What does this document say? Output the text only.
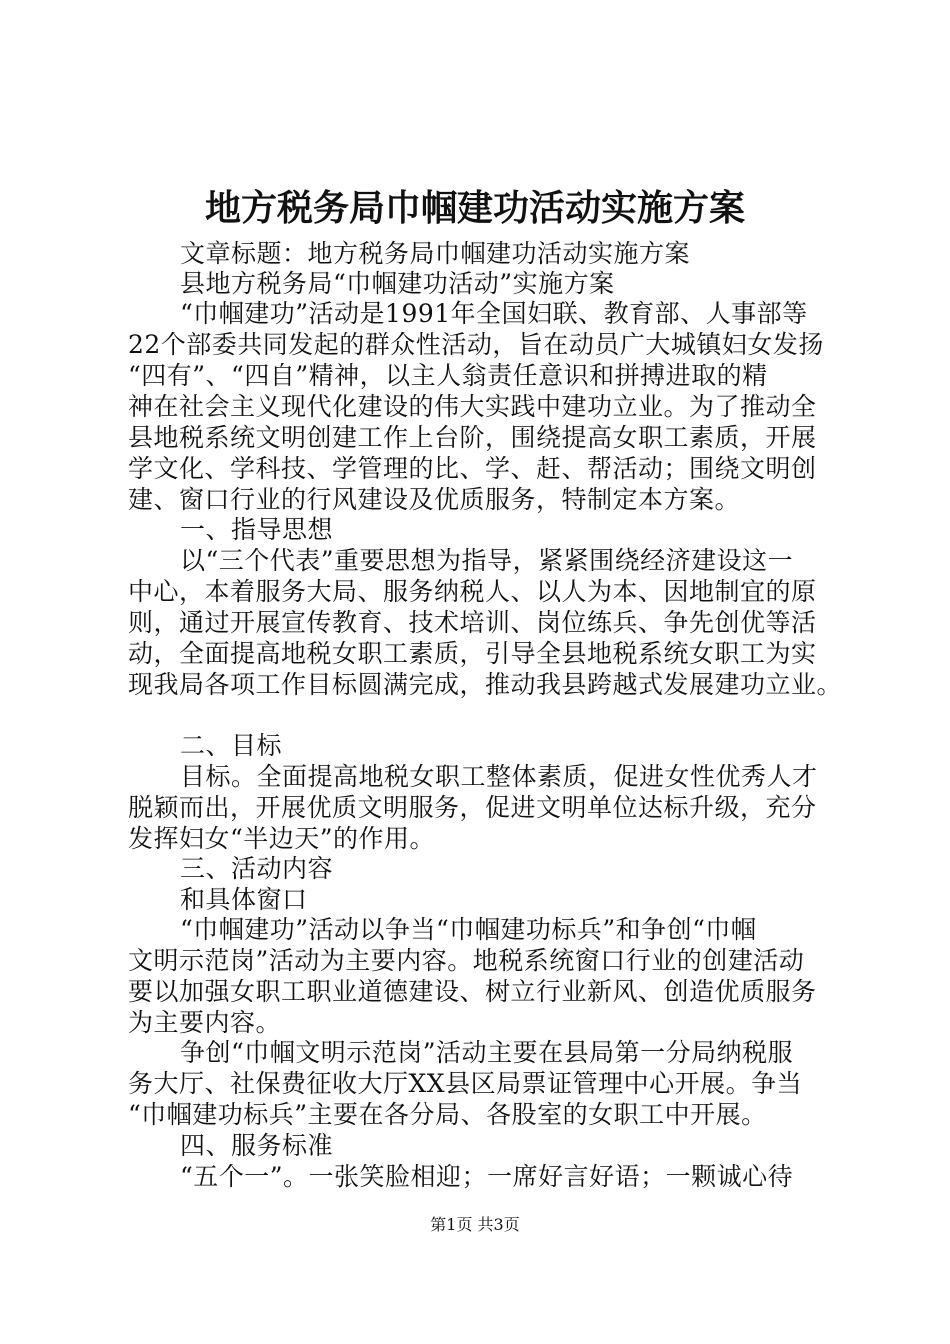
地方税务局巾帼建功活动实施方案
文章标题：地方税务局巾帼建功活动实施方案
县地方税务局“巾帼建功活动”实施方案
“巾帼建功”活动是1991年全国妇联、教育部、人事部等
22个部委共同发起的群众性活动，旨在动员广大城镇妇女发扬
“四有”、“四自”精神，以主人翁责任意识和拼搏进取的精
神在社会主义现代化建设的伟大实践中建功立业。为了推动全
县地税系统文明创建工作上台阶，围绕提高女职工素质，开展
学文化、学科技、学管理的比、学、赶、帮活动；围绕文明创
建、窗口行业的行风建设及优质服务，特制定本方案。
一、指导思想
以“三个代表”重要思想为指导，紧紧围绕经济建设这一
中心，本着服务大局、服务纳税人、以人为本、因地制宜的原
则，通过开展宣传教育、技术培训、岗位练兵、争先创优等活
动，全面提高地税女职工素质，引导全县地税系统女职工为实
现我局各项工作目标圆满完成，推动我县跨越式发展建功立业。
二、目标
目标。全面提高地税女职工整体素质，促进女性优秀人才
脱颖而出，开展优质文明服务，促进文明单位达标升级，充分
发挥妇女“半边天”的作用。
三、活动内容
和具体窗口
“巾帼建功”活动以争当“巾帼建功标兵”和争创“巾帼
文明示范岗”活动为主要内容。地税系统窗口行业的创建活动
要以加强女职工职业道德建设、树立行业新风、创造优质服务
为主要内容。
争创“巾帼文明示范岗”活动主要在县局第一分局纳税服
务大厅、社保费征收大厅XX县区局票证管理中心开展。争当
“巾帼建功标兵”主要在各分局、各股室的女职工中开展。
四、服务标准
“五个一”。一张笑脸相迎；一席好言好语；一颗诚心待
第1页 共3页
